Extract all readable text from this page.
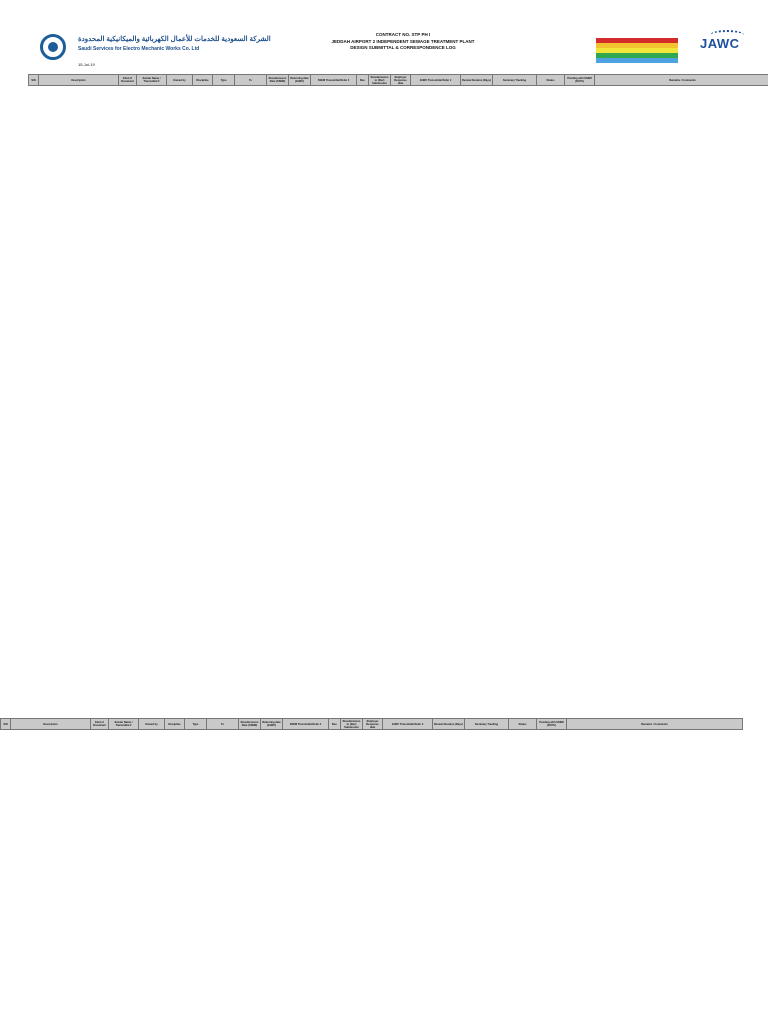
الشركة السعودية للخدمات للأعمال الكهربائية والميكانيكية المحدودة
Saudi Services for Electro Mechanic Works Co. Ltd
15-Jul-19
CONTRACT NO. STP PH I
JEDDAH AIRPORT 2 INDEPENDENT SEWAGE TREATMENT PLANT
DESIGN SUBMITTAL & CORRESPONDENCE LOG	JAWC
S/N	Description	Kind of Document	Sender Name / Transmittal #	Owned by	Discipline	Type	To	Resubmission Date (SSEM)	Returning date (JAWC)	SSEM Transmittal Refer #	Rev.	Resubmission to (Rev) Submission	Employer Response date	JAWC Transmittal Refer #	Review Duration (Days)	Summary Tracking	Status	Pending with SSEM (DAYS)	Remarks / Comments
S/N	Description	Kind of Document	Sender Name / Transmittal #	Owned by	Discipline	Type	To	Resubmission Date (SSEM)	Returning date (JAWC)	SSEM Transmittal Refer #	Rev.	Resubmission to (Rev) Submission	Employer Response date	JAWC Transmittal Refer #	Review Duration (Days)	Summary Tracking	Status	Pending with SSEM (DAYS)	Remarks / Comments
